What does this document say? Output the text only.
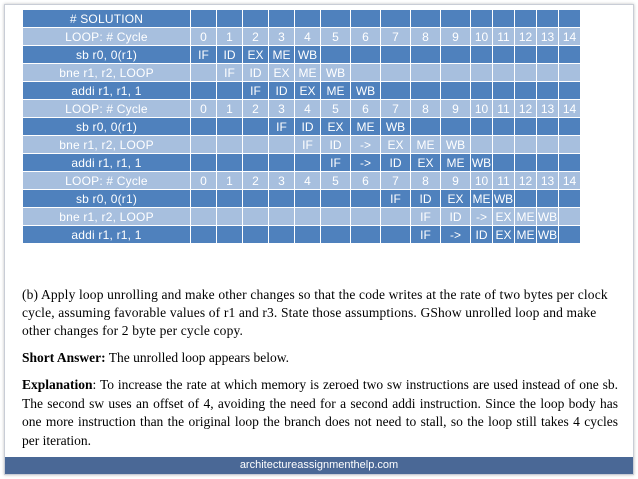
# SOLUTION															
LOOP: # Cycle	0	1	2	3	4	5	6	7	8	9	10	11	12	13	14
sb r0, 0(r1)	IF	ID	EX	ME	WB										
bne r1, r2, LOOP		IF	ID	EX	ME	WB									
addi r1, r1, 1			IF	ID	EX	ME	WB								
LOOP: # Cycle	0	1	2	3	4	5	6	7	8	9	10	11	12	13	14
sb r0, 0(r1)				IF	ID	EX	ME	WB							
bne r1, r2, LOOP					IF	ID	->	EX	ME	WB					
addi r1, r1, 1						IF	->	ID	EX	ME	WB				
LOOP: # Cycle	0	1	2	3	4	5	6	7	8	9	10	11	12	13	14
sb r0, 0(r1)								IF	ID	EX	ME	WB			
bne r1, r2, LOOP									IF	ID	->	EX	ME	WB	
addi r1, r1, 1									IF	->	ID	EX	ME	WB	

(b) Apply loop unrolling and make other changes so that the code writes at the rate of two bytes per clock cycle, assuming favorable values of r1 and r3. State those assumptions. GShow unrolled loop and make other changes for 2 byte per cycle copy.

Short Answer: The unrolled loop appears below.

Explanation: To increase the rate at which memory is zeroed two sw instructions are used instead of one sb. The second sw uses an offset of 4, avoiding the need for a second addi instruction. Since the loop body has one more instruction than the original loop the branch does not need to stall, so the loop still takes 4 cycles per iteration.

architectureassignmenthelp.com
